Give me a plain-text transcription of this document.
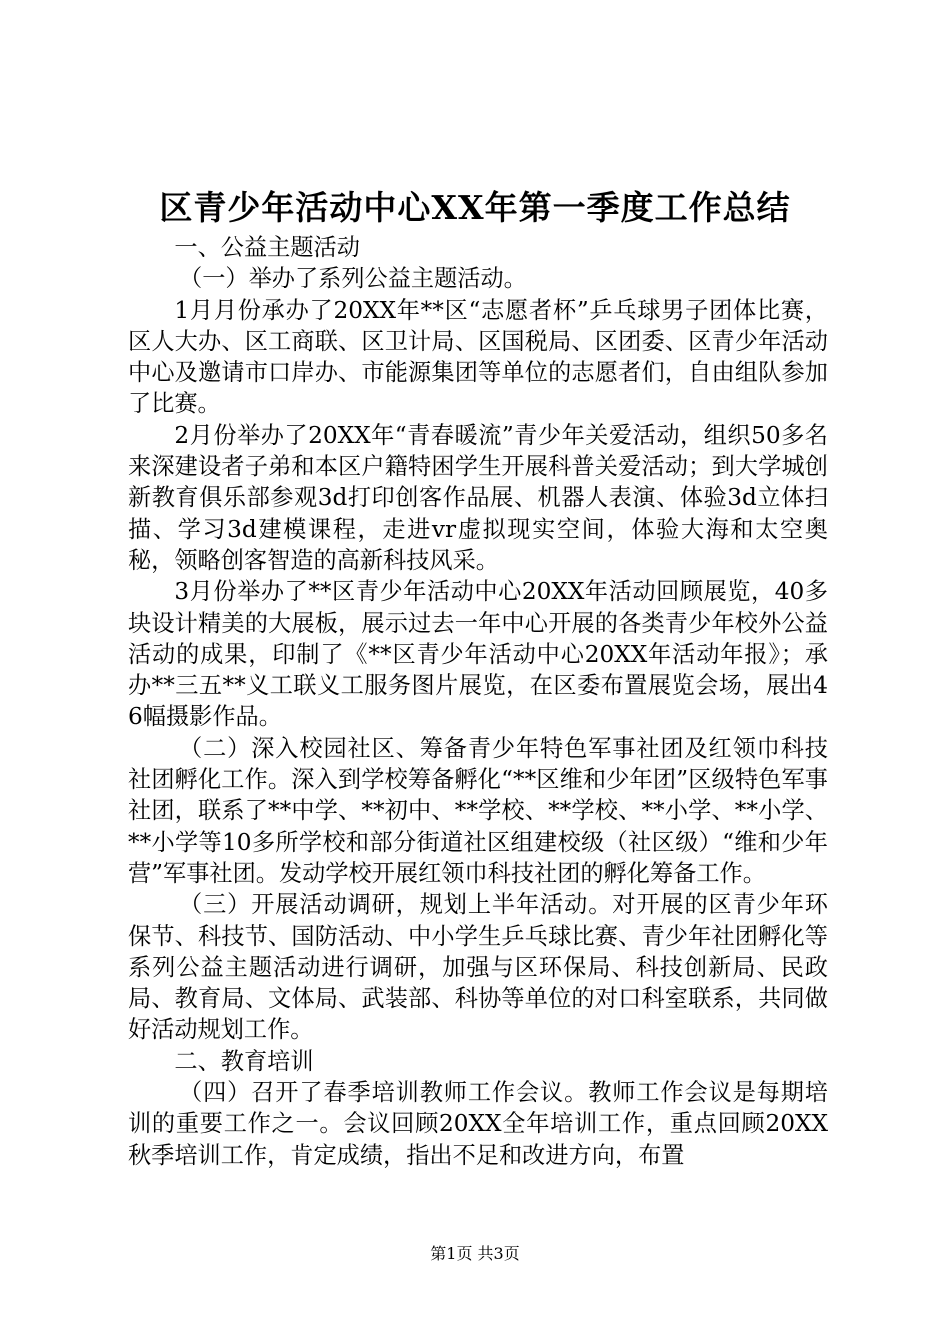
区青少年活动中心XX年第一季度工作总结

一、公益主题活动

（一）举办了系列公益主题活动。

1月月份承办了20XX年**区“志愿者杯”乒乓球男子团体比赛，区人大办、区工商联、区卫计局、区国税局、区团委、区青少年活动中心及邀请市口岸办、市能源集团等单位的志愿者们，自由组队参加了比赛。

2月份举办了20XX年“青春暖流”青少年关爱活动，组织50多名来深建设者子弟和本区户籍特困学生开展科普关爱活动；到大学城创新教育俱乐部参观3d打印创客作品展、机器人表演、体验3d立体扫描、学习3d建模课程，走进vr虚拟现实空间，体验大海和太空奥秘，领略创客智造的高新科技风采。

3月份举办了**区青少年活动中心20XX年活动回顾展览，40多块设计精美的大展板，展示过去一年中心开展的各类青少年校外公益活动的成果，印制了《**区青少年活动中心20XX年活动年报》；承办**三五**义工联义工服务图片展览，在区委布置展览会场，展出46幅摄影作品。

（二）深入校园社区、筹备青少年特色军事社团及红领巾科技社团孵化工作。深入到学校筹备孵化“**区维和少年团”区级特色军事社团，联系了**中学、**初中、**学校、**学校、**小学、**小学、**小学等10多所学校和部分街道社区组建校级（社区级）“维和少年营”军事社团。发动学校开展红领巾科技社团的孵化筹备工作。

（三）开展活动调研，规划上半年活动。对开展的区青少年环保节、科技节、国防活动、中小学生乒乓球比赛、青少年社团孵化等系列公益主题活动进行调研，加强与区环保局、科技创新局、民政局、教育局、文体局、武装部、科协等单位的对口科室联系，共同做好活动规划工作。

二、教育培训

（四）召开了春季培训教师工作会议。教师工作会议是每期培训的重要工作之一。会议回顾20XX全年培训工作，重点回顾20XX秋季培训工作，肯定成绩，指出不足和改进方向，布置

第1页 共3页
